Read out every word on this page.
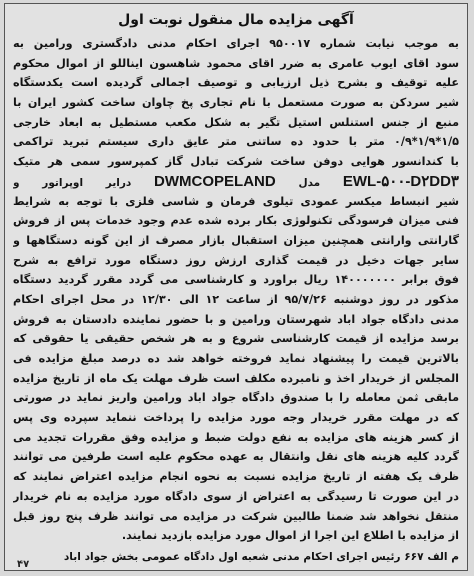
آگهی مزایده مال منقول نوبت اول
به موجب نیابت شماره ۹۵۰۰۱۷ اجرای احکام مدنی دادگستری ورامین به
سود اقای ایوب عامری به ضرر اقای محمود شاهسون ایناللو از اموال محکوم
علیه توقیف و بشرح ذیل ارزیابی و توصیف اجمالی گردیده است یکدستگاه
شیر سردکن به صورت مستعمل با نام تجاری پخ چاوان ساخت کشور ایران با
منبع از جنس استنلس استیل تگیر به شکل مکعب مستطیل به ابعاد خارجی
۱/۵*۱/۹*۰/۹ متر با حدود ده ساتنی متر عایق داری سیستم تبرید تراکمی
با کندانسور هوایی دوفن ساخت شرکت تبادل گاز کمپرسور سمی هر متیک
EWL-۵۰۰-D۲DD۳ مدل DWMCOPELAND درایر اوپراتور و
شیر انبساط میکسر عمودی تیلوی فرمان و شاسی فلزی با توجه به شرایط
فنی میزان فرسودگی تکنولوژی بکار برده شده عدم وجود خدمات پس از فروش
گارانتی وارانتی همچنین میزان استقبال بازار مصرف از این گونه دستگاهها و
سایر جهات دخیل در قیمت گذاری ارزش روز دستگاه مورد ترافع به شرح
فوق برابر ۱۴۰۰۰۰۰۰۰ ریال براورد و کارشناسی می گردد مقرر گردید دستگاه
مذکور در روز دوشنبه ۹۵/۷/۲۶ از ساعت ۱۲ الی ۱۲/۳۰ در محل اجرای احکام
مدنی دادگاه جواد اباد شهرستان ورامین و با حضور نماینده دادستان به فروش
برسد مزایده از قیمت کارشناسی شروع و به هر شخص حقیقی یا حقوقی که
بالاترین قیمت را پیشنهاد نماید فروخته خواهد شد ده درصد مبلغ مزایده فی
المجلس از خریدار اخذ و نامبرده مکلف است ظرف مهلت یک ماه از تاریخ مزایده
مابقی ثمن معامله را با صندوق دادگاه جواد اباد ورامین واریز نماید در صورتی
که در مهلت مقرر خریدار وجه مورد مزایده را پرداخت ننماید سپرده وی پس
از کسر هزینه های مزایده به نفع دولت ضبط و مزایده وفق مقررات تجدید می
گردد کلیه هزینه های نقل وانتقال به عهده محکوم علیه است طرفین می توانند
ظرف یک هفته از تاریخ مزایده نسبت به نحوه انجام مزایده اعتراض نمایند که
در این صورت تا رسیدگی به اعتراض از سوی دادگاه مورد مزایده به نام خریدار
منتقل نخواهد شد ضمنا طالبین شرکت در مزایده می توانند ظرف پنج روز قبل
از مزایده با اطلاع این اجرا از اموال مورد مزایده بازدید نمایند.
م الف ۶۶۷ رئیس اجرای احکام مدنی شعبه اول دادگاه عمومی بخش جواد اباد
۴۷
